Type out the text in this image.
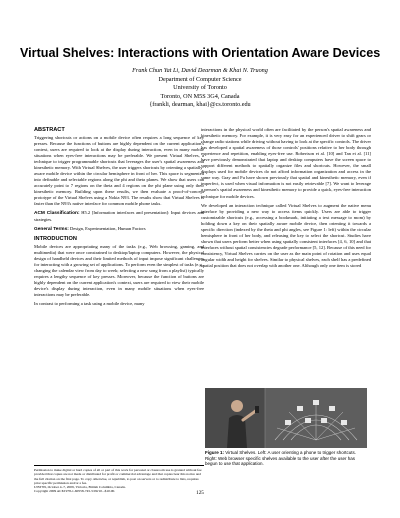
Virtual Shelves: Interactions with Orientation Aware Devices
Frank Chun Yat Li, David Dearman & Khai N. Truong
Department of Computer Science
University of Toronto
Toronto, ON M5S 3G4, Canada
{frankli, dearman, khai}@cs.toronto.edu
ABSTRACT

Triggering shortcuts or actions on a mobile device often requires a long sequence of key presses. Because the functions of buttons are highly dependent on the current application's context, users are required to look at the display during interaction, even in many mobile situations when eyes-free interactions may be preferable. We present Virtual Shelves, a technique to trigger programmable shortcuts that leverages the user's spatial awareness and kinesthetic memory. With Virtual Shelves, the user triggers shortcuts by orienting a spatially-aware mobile device within the circular hemisphere in front of her. This space is segmented into definable and selectable regions along the phi and theta planes. We show that users can accurately point to 7 regions on the theta and 4 regions on the phi plane using only their kinesthetic memory. Building upon these results, we then evaluate a proof-of-concept prototype of the Virtual Shelves using a Nokia N93. The results show that Virtual Shelves is faster than the N93's native interface for common mobile phone tasks.

ACM Classification: H5.2 [Information interfaces and presentation]: Input devices and strategies.

General Terms: Design, Experimentation, Human Factors

INTRODUCTION

Mobile devices are appropriating many of the tasks (e.g., Web browsing, gaming, and multimedia) that were once constrained to desktop/laptop computers. However, the physical design of handheld devices and their limited methods of input impose significant challenges for interacting with a growing set of applications. To perform even the simplest of tasks (e.g., changing the calendar view from day to week; selecting a new song from a playlist) typically requires a lengthy sequence of key presses. Moreover, because the function of buttons are highly dependent on the current application's context, users are required to view their mobile device's display during interaction, even in many mobile situations when eyes-free interactions may be preferable.

In contrast to performing a task using a mobile device, many

Permission to make digital or hard copies of all or part of this work for personal or classroom use is granted without fee provided that copies are not made or distributed for profit or commercial advantage and that copies bear this notice and the full citation on the first page. To copy otherwise, or republish, to post on servers or to redistribute to lists, requires prior specific permission and/or a fee.
UIST'09, October 4–7, 2009, Victoria, British Columbia, Canada.
Copyright 2009 ACM 978-1-60558-745-5/09/10...$10.00.

interactions in the physical world often are facilitated by the person's spatial awareness and kinesthetic memory. For example, it is very easy for an experienced driver to shift gears or change radio stations while driving without having to look at the specific controls. The driver has developed a spatial awareness of those controls' positions relative to her body through experience and repetition, enabling eyes-free use. Robertson et al. [10] and Tan et al. [11] have previously demonstrated that laptop and desktop computers have the screen space to support different methods to spatially organize files and shortcuts. However, the small displays used for mobile devices do not afford information organization and access in the same way. Gray and Fu have shown previously that spatial and kinesthetic memory, even if imperfect, is used when visual information is not easily retrievable [7]. We want to leverage a person's spatial awareness and kinesthetic memory to provide a quick, eyes-free interaction technique for mobile devices.

We developed an interaction technique called Virtual Shelves to augment the native menu interface by providing a new way to access items quickly. Users are able to trigger customizable shortcuts (e.g., accessing a bookmark, initiating a text message to mom) by holding down a key on their spatially aware mobile device, then orienting it towards a specific direction (indexed by the theta and phi angles, see Figure 1: left) within the circular hemisphere in front of her body, and releasing the key to select the shortcut. Studies have shown that users perform better when using spatially consistent interfaces [4, 6, 10] and that interfaces without spatial consistencies degrade performance [5, 12]. Because of this need for consistency, Virtual Shelves carries on the user as the main point of rotation and uses equal angular width and height for shelves. Similar to physical shelves, each shelf has a predefined spatial position that does not overlap with another one. Although only one item is stored

Figure 1: Virtual Shelves. Left: A user orienting a phone to trigger shortcuts. Right: Web browser specific shelves available to the user after the user has begun to use that application.
125
